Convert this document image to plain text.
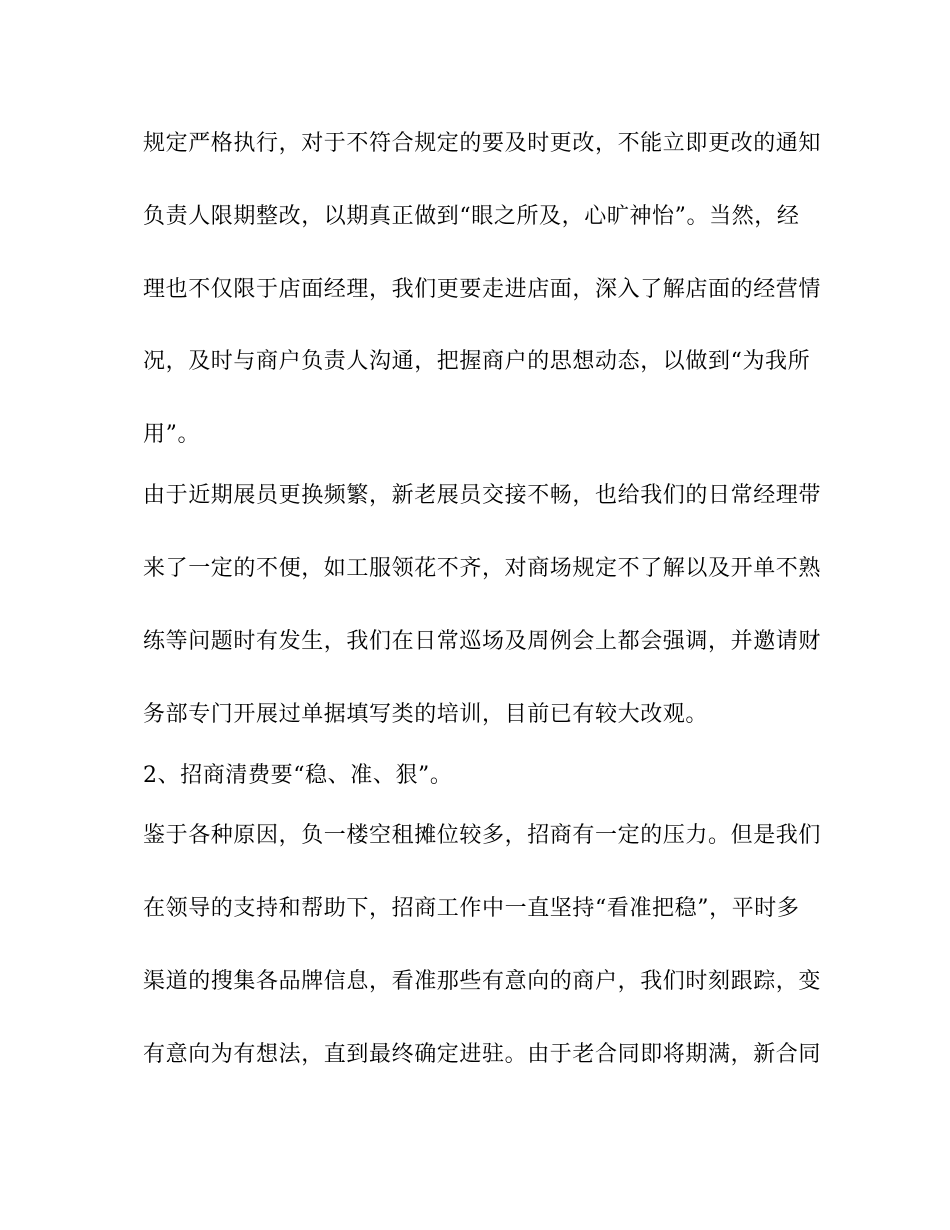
规定严格执行，对于不符合规定的要及时更改，不能立即更改的通知
负责人限期整改，以期真正做到“眼之所及，心旷神怡”。当然，经
理也不仅限于店面经理，我们更要走进店面，深入了解店面的经营情
况，及时与商户负责人沟通，把握商户的思想动态，以做到“为我所
用”。
由于近期展员更换频繁，新老展员交接不畅，也给我们的日常经理带
来了一定的不便，如工服领花不齐，对商场规定不了解以及开单不熟
练等问题时有发生，我们在日常巡场及周例会上都会强调，并邀请财
务部专门开展过单据填写类的培训，目前已有较大改观。
2、招商清费要“稳、准、狠”。
鉴于各种原因，负一楼空租摊位较多，招商有一定的压力。但是我们
在领导的支持和帮助下，招商工作中一直坚持“看准把稳”，平时多
渠道的搜集各品牌信息，看准那些有意向的商户，我们时刻跟踪，变
有意向为有想法，直到最终确定进驻。由于老合同即将期满，新合同
